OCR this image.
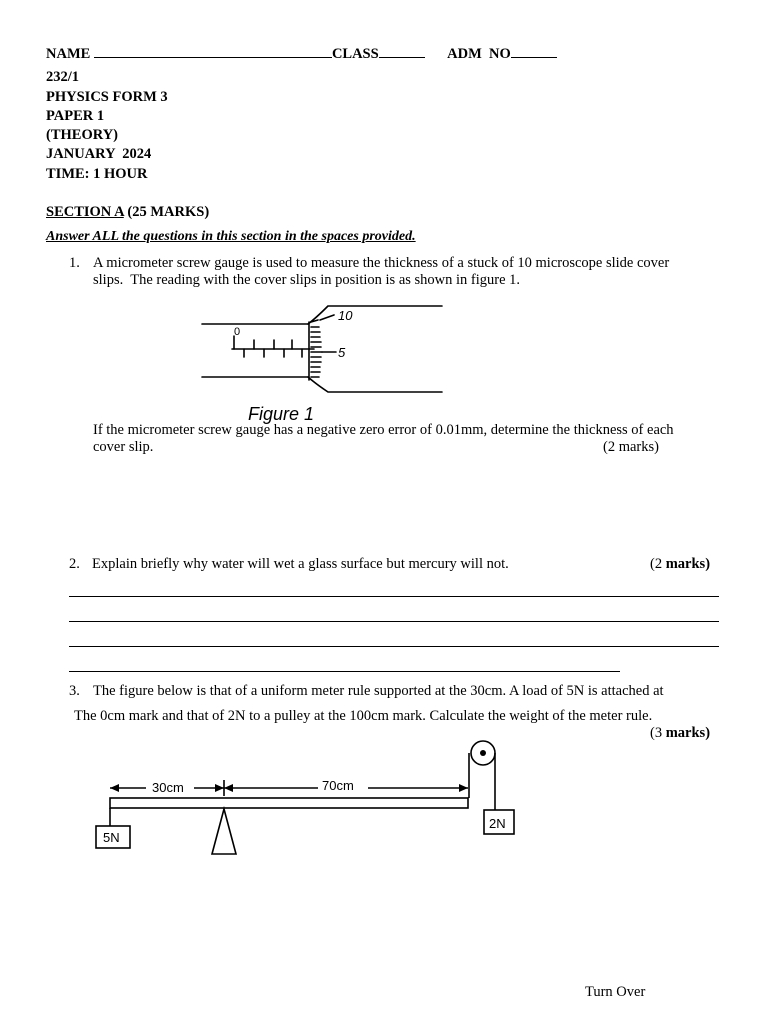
NAME	CLASS	ADM NO
232/1
PHYSICS FORM 3
PAPER 1
(THEORY)
JANUARY  2024
TIME: 1 HOUR
SECTION A (25 MARKS)
Answer ALL the questions in this section in the spaces provided.
1. A micrometer screw gauge is used to measure the thickness of a stuck of 10 microscope slide cover
slips.  The reading with the cover slips in position is as shown in figure 1.
0
10
5
Figure 1
If the micrometer screw gauge has a negative zero error of 0.01mm, determine the thickness of each
cover slip.	(2 marks)
2. Explain briefly why water will wet a glass surface but mercury will not.	(2 marks)
3. The figure below is that of a uniform meter rule supported at the 30cm. A load of 5N is attached at
The 0cm mark and that of 2N to a pulley at the 100cm mark. Calculate the weight of the meter rule.
(3 marks)
30cm	70cm
5N
2N
Turn Over
